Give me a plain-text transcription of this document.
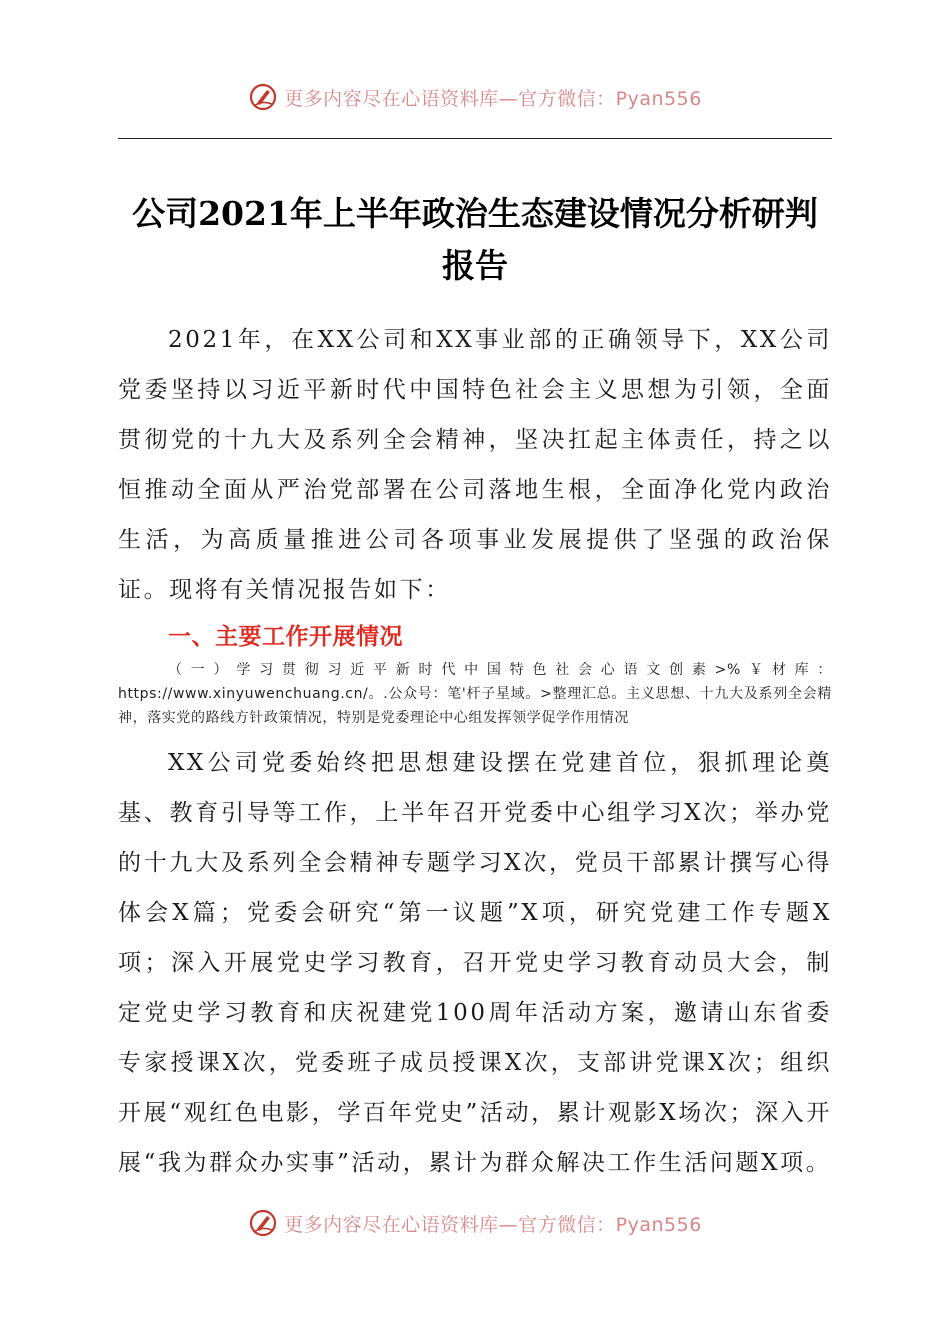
更多内容尽在心语资料库—官方微信：Pyan556
公司2021年上半年政治生态建设情况分析研判报告

2021年，在XX公司和XX事业部的正确领导下，XX公司党委坚持以习近平新时代中国特色社会主义思想为引领，全面贯彻党的十九大及系列全会精神，坚决扛起主体责任，持之以恒推动全面从严治党部署在公司落地生根，全面净化党内政治生活，为高质量推进公司各项事业发展提供了坚强的政治保证。现将有关情况报告如下：

一、主要工作开展情况

（一）学习贯彻习近平新时代中国特色社会心语文创素>%￥材库：https://www.xinyuwenchuang.cn/。.公众号：笔'杆子星域。>整理汇总。主义思想、十九大及系列全会精神，落实党的路线方针政策情况，特别是党委理论中心组发挥领学促学作用情况

XX公司党委始终把思想建设摆在党建首位，狠抓理论奠基、教育引导等工作，上半年召开党委中心组学习X次；举办党的十九大及系列全会精神专题学习X次，党员干部累计撰写心得体会X篇；党委会研究“第一议题”X项，研究党建工作专题X项；深入开展党史学习教育，召开党史学习教育动员大会，制定党史学习教育和庆祝建党100周年活动方案，邀请山东省委专家授课X次，党委班子成员授课X次，支部讲党课X次；组织开展“观红色电影，学百年党史”活动，累计观影X场次；深入开展“我为群众办实事”活动，累计为群众解决工作生活问题X项。

更多内容尽在心语资料库—官方微信：Pyan556
